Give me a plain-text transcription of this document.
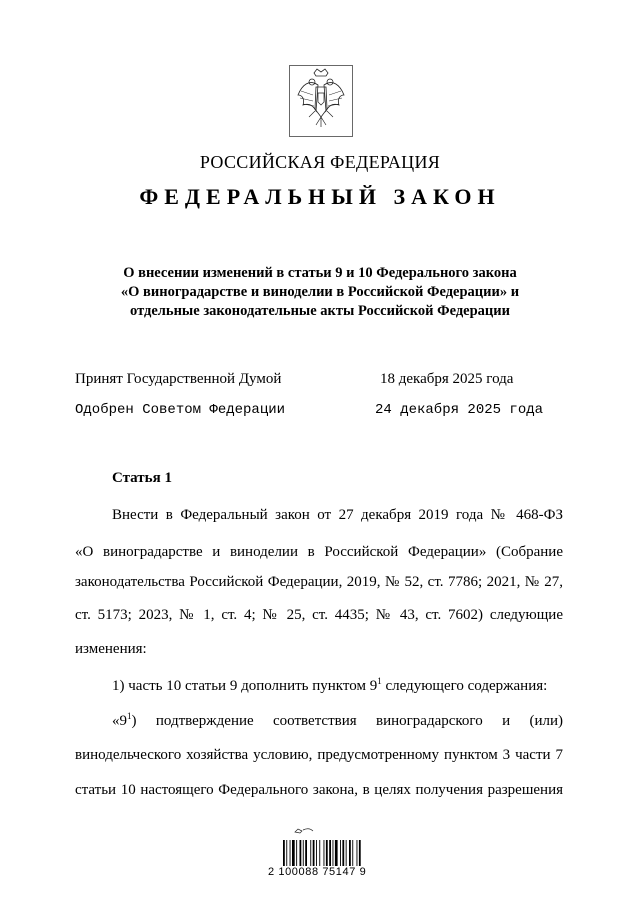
РОССИЙСКАЯ ФЕДЕРАЦИЯ
ФЕДЕРАЛЬНЫЙ ЗАКОН
О внесении изменений в статьи 9 и 10 Федерального закона
«О виноградарстве и виноделии в Российской Федерации» и
отдельные законодательные акты Российской Федерации
Принят Государственной Думой	18 декабря 2025 года
Одобрен Советом Федерации	24 декабря 2025 года
Статья 1
Внести в Федеральный закон от 27 декабря 2019 года № 468-ФЗ
«О виноградарстве и виноделии в Российской Федерации» (Собрание
законодательства Российской Федерации, 2019, № 52, ст. 7786; 2021, № 27,
ст. 5173; 2023, № 1, ст. 4; № 25, ст. 4435; № 43, ст. 7602) следующие
изменения:
1) часть 10 статьи 9 дополнить пунктом $9^1$ следующего содержания:
«$9^1$) подтверждение соответствия виноградарского и (или)
винодельческого хозяйства условию, предусмотренному пунктом 3 части 7
статьи 10 настоящего Федерального закона, в целях получения разрешения
2 100088 75147 9
